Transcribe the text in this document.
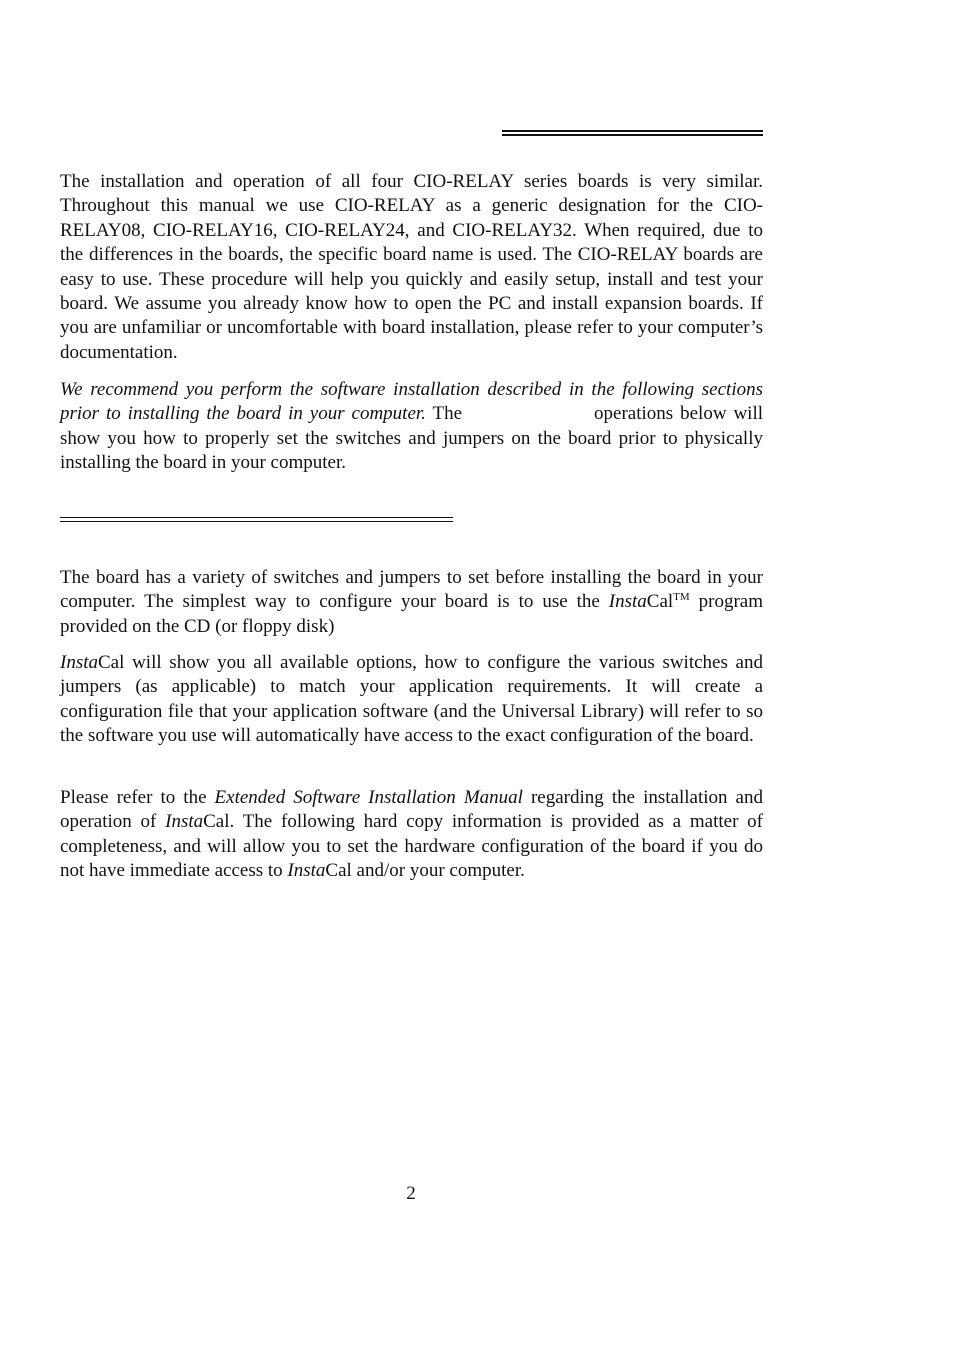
The installation and operation of all four CIO-RELAY series boards is very similar. Throughout this manual we use CIO-RELAY as a generic designation for the CIO-RELAY08, CIO-RELAY16, CIO-RELAY24, and CIO-RELAY32. When required, due to the differences in the boards, the specific board name is used. The CIO-RELAY boards are easy to use. These procedure will help you quickly and easily setup, install and test your board. We assume you already know how to open the PC and install expansion boards. If you are unfamiliar or uncomfortable with board installation, please refer to your computer’s documentation.

We recommend you perform the software installation described in the following sections prior to installing the board in your computer. The	operations below will show you how to properly set the switches and jumpers on the board prior to physically installing the board in your computer.

The board has a variety of switches and jumpers to set before installing the board in your computer. The simplest way to configure your board is to use the InstaCal™ program provided on the CD (or floppy disk)

InstaCal will show you all available options, how to configure the various switches and jumpers (as applicable) to match your application requirements. It will create a configuration file that your application software (and the Universal Library) will refer to so the software you use will automatically have access to the exact configuration of the board.

Please refer to the Extended Software Installation Manual regarding the installation and operation of InstaCal. The following hard copy information is provided as a matter of completeness, and will allow you to set the hardware configuration of the board if you do not have immediate access to InstaCal and/or your computer.

2
